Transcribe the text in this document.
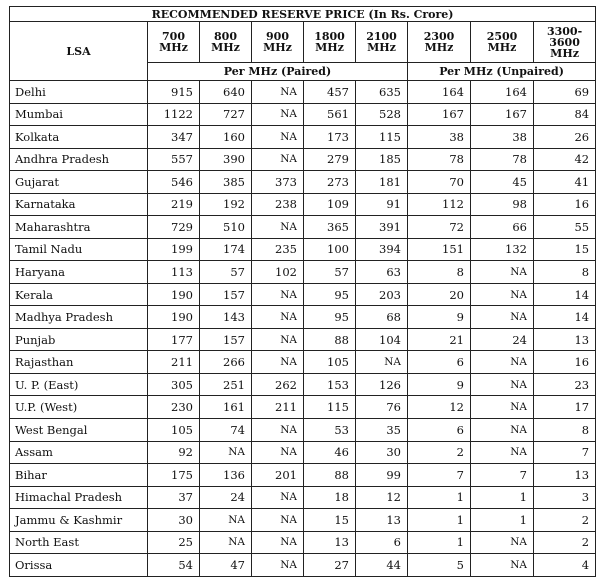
RECOMMENDED RESERVE PRICE (In Rs. Crore)								
LSA	700 MHz	800 MHz	900 MHz	1800 MHz	2100 MHz	2300 MHz	2500 MHz	3300-3600 MHz
	Per MHz (Paired)					Per MHz (Unpaired)		
Delhi	915	640	NA	457	635	164	164	69
Mumbai	1122	727	NA	561	528	167	167	84
Kolkata	347	160	NA	173	115	38	38	26
Andhra Pradesh	557	390	NA	279	185	78	78	42
Gujarat	546	385	373	273	181	70	45	41
Karnataka	219	192	238	109	91	112	98	16
Maharashtra	729	510	NA	365	391	72	66	55
Tamil Nadu	199	174	235	100	394	151	132	15
Haryana	113	57	102	57	63	8	NA	8
Kerala	190	157	NA	95	203	20	NA	14
Madhya Pradesh	190	143	NA	95	68	9	NA	14
Punjab	177	157	NA	88	104	21	24	13
Rajasthan	211	266	NA	105	NA	6	NA	16
U. P. (East)	305	251	262	153	126	9	NA	23
U.P. (West)	230	161	211	115	76	12	NA	17
West Bengal	105	74	NA	53	35	6	NA	8
Assam	92	NA	NA	46	30	2	NA	7
Bihar	175	136	201	88	99	7	7	13
Himachal Pradesh	37	24	NA	18	12	1	1	3
Jammu & Kashmir	30	NA	NA	15	13	1	1	2
North East	25	NA	NA	13	6	1	NA	2
Orissa	54	47	NA	27	44	5	NA	4
